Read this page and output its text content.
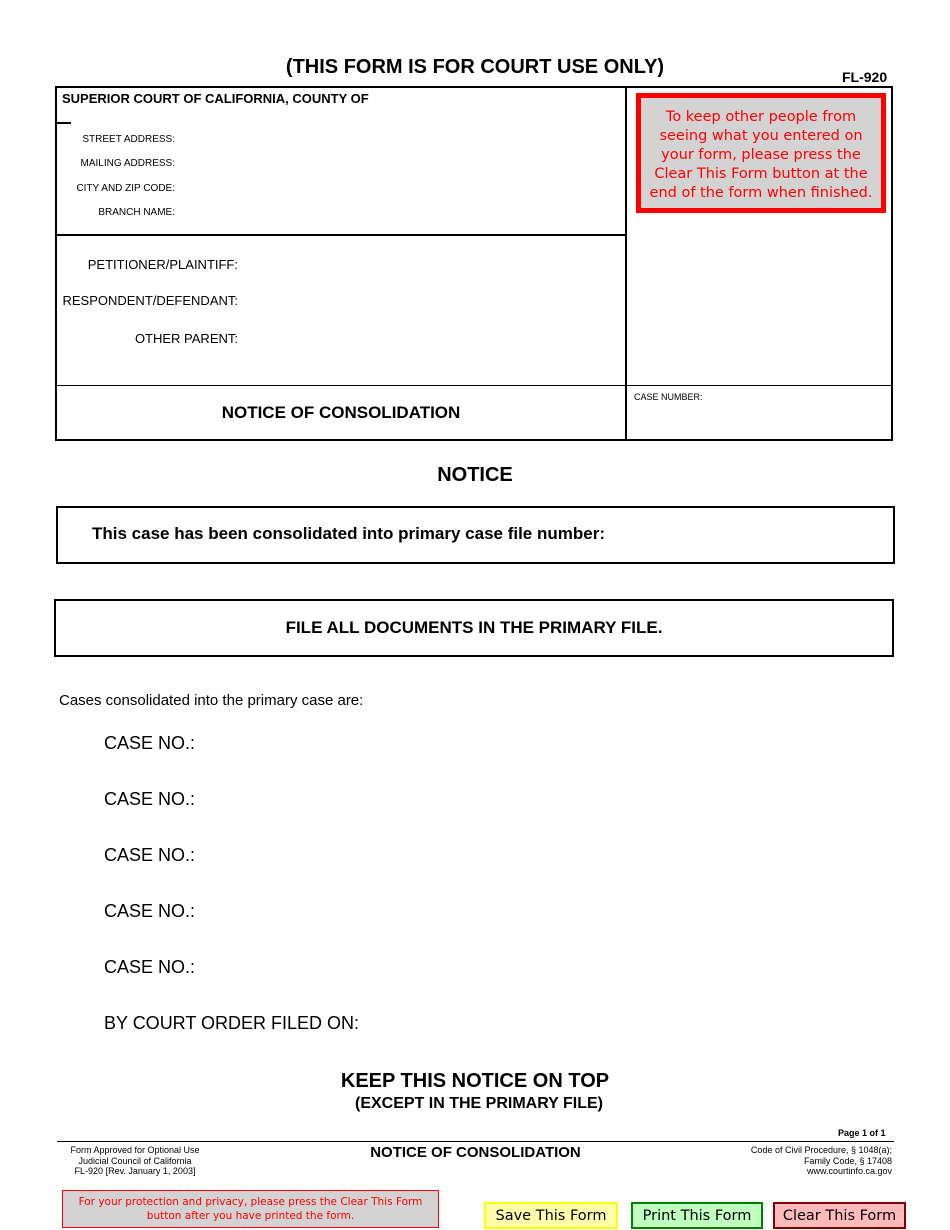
(THIS FORM IS FOR COURT USE ONLY)	FL-920
SUPERIOR COURT OF CALIFORNIA, COUNTY OF
STREET ADDRESS:
MAILING ADDRESS:
CITY AND ZIP CODE:
BRANCH NAME:
PETITIONER/PLAINTIFF:
RESPONDENT/DEFENDANT:
OTHER PARENT:
NOTICE OF CONSOLIDATION
CASE NUMBER:
To keep other people from seeing what you entered on your form, please press the Clear This Form button at the end of the form when finished.
NOTICE
This case has been consolidated into primary case file number:
FILE ALL DOCUMENTS IN THE PRIMARY FILE.
Cases consolidated into the primary case are:
CASE NO.:
CASE NO.:
CASE NO.:
CASE NO.:
CASE NO.:
BY COURT ORDER FILED ON:
KEEP THIS NOTICE ON TOP
(EXCEPT IN THE PRIMARY FILE)
Page 1 of 1
Form Approved for Optional Use
Judicial Council of California
FL-920 [Rev. January 1, 2003]
NOTICE OF CONSOLIDATION	Code of Civil Procedure, § 1048(a);
Family Code, § 17408
www.courtinfo.ca.gov
For your protection and privacy, please press the Clear This Form button after you have printed the form.	Save This Form	Print This Form	Clear This Form
